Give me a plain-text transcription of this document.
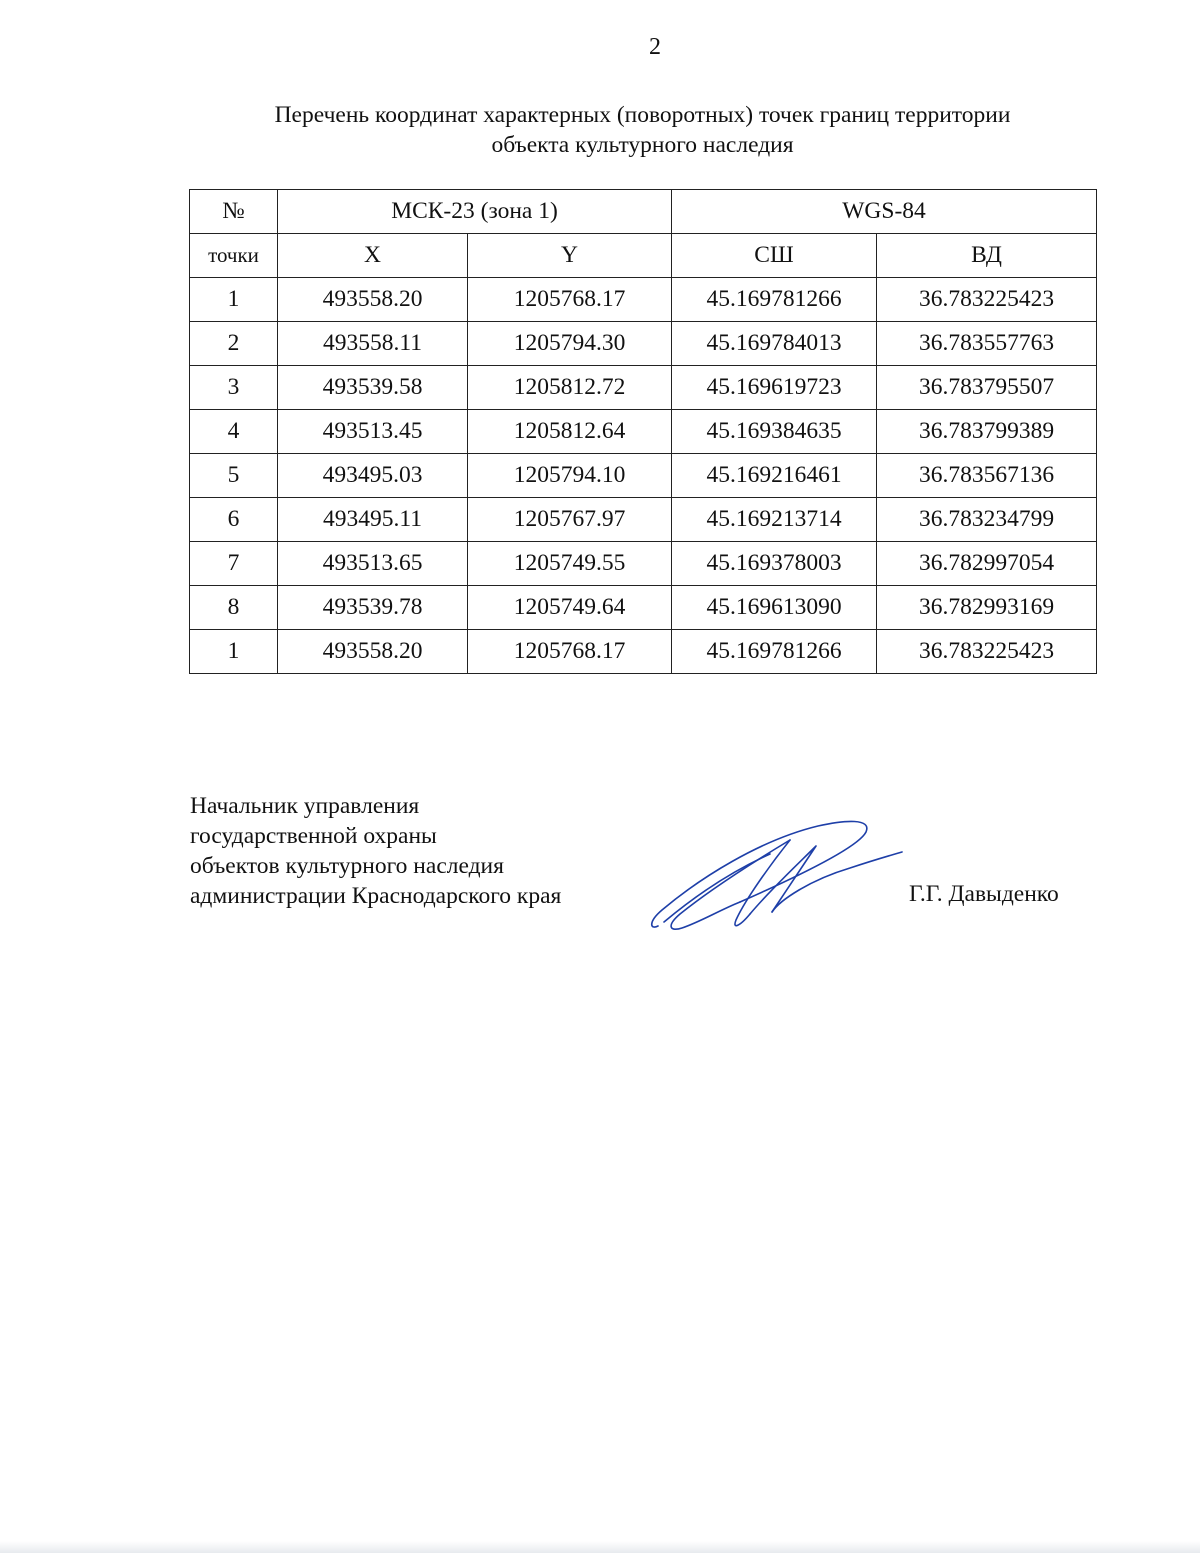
2
Перечень координат характерных (поворотных) точек границ территории
объекта культурного наследия
№	МСК-23 (зона 1)		WGS-84	
точки	X	Y	СШ	ВД
1	493558.20	1205768.17	45.169781266	36.783225423
2	493558.11	1205794.30	45.169784013	36.783557763
3	493539.58	1205812.72	45.169619723	36.783795507
4	493513.45	1205812.64	45.169384635	36.783799389
5	493495.03	1205794.10	45.169216461	36.783567136
6	493495.11	1205767.97	45.169213714	36.783234799
7	493513.65	1205749.55	45.169378003	36.782997054
8	493539.78	1205749.64	45.169613090	36.782993169
1	493558.20	1205768.17	45.169781266	36.783225423
Начальник управления
государственной охраны
объектов культурного наследия
администрации Краснодарского края	Г.Г. Давыденко
